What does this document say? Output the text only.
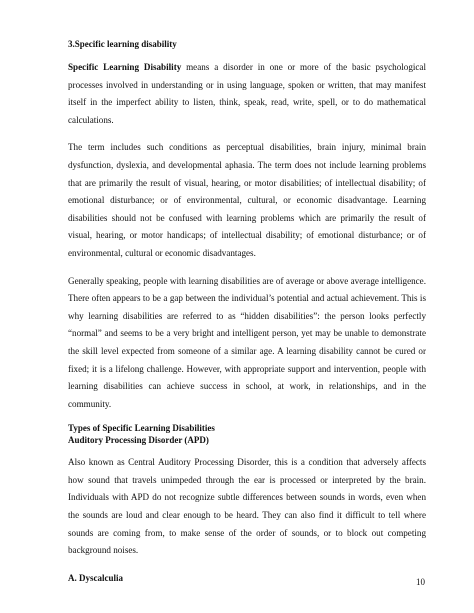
3.Specific learning disability

Specific Learning Disability means a disorder in one or more of the basic psychological processes involved in understanding or in using language, spoken or written, that may manifest itself in the imperfect ability to listen, think, speak, read, write, spell, or to do mathematical calculations.

The term includes such conditions as perceptual disabilities, brain injury, minimal brain dysfunction, dyslexia, and developmental aphasia. The term does not include learning problems that are primarily the result of visual, hearing, or motor disabilities; of intellectual disability; of emotional disturbance; or of environmental, cultural, or economic disadvantage. Learning disabilities should not be confused with learning problems which are primarily the result of visual, hearing, or motor handicaps; of intellectual disability; of emotional disturbance; or of environmental, cultural or economic disadvantages.

Generally speaking, people with learning disabilities are of average or above average intelligence. There often appears to be a gap between the individual’s potential and actual achievement. This is why learning disabilities are referred to as “hidden disabilities”: the person looks perfectly “normal” and seems to be a very bright and intelligent person, yet may be unable to demonstrate the skill level expected from someone of a similar age. A learning disability cannot be cured or fixed; it is a lifelong challenge. However, with appropriate support and intervention, people with learning disabilities can achieve success in school, at work, in relationships, and in the community.

Types of Specific Learning Disabilities
Auditory Processing Disorder (APD)

Also known as Central Auditory Processing Disorder, this is a condition that adversely affects how sound that travels unimpeded through the ear is processed or interpreted by the brain. Individuals with APD do not recognize subtle differences between sounds in words, even when the sounds are loud and clear enough to be heard. They can also find it difficult to tell where sounds are coming from, to make sense of the order of sounds, or to block out competing background noises.

A. Dyscalculia	10
